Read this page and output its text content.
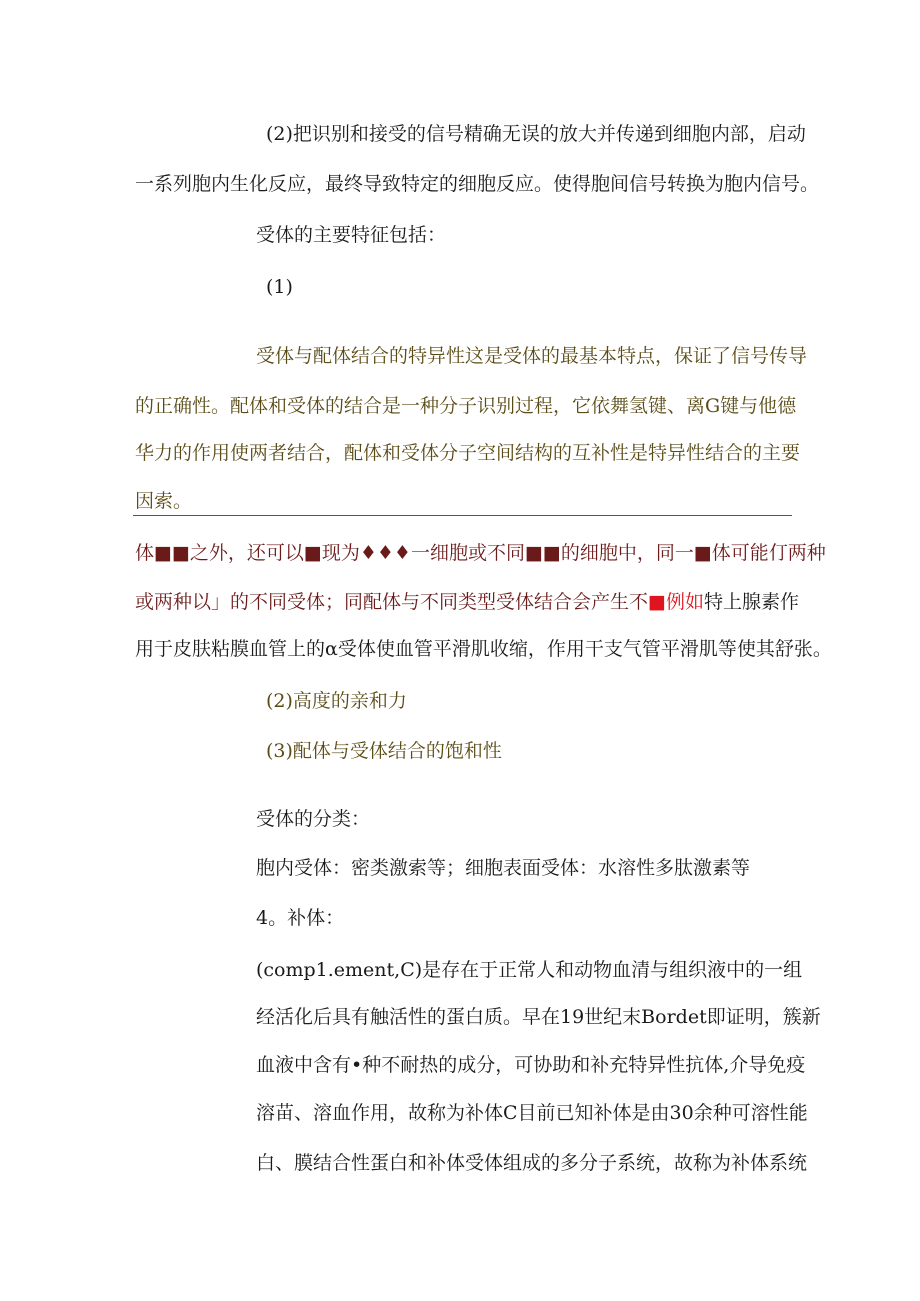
(2)把识别和接受的信号精确无误的放大并传递到细胞内部，启动
一系列胞内生化反应，最终导致特定的细胞反应。使得胞间信号转换为胞内信号。
受体的主要特征包括：
(1)
受体与配体结合的特异性这是受体的最基本特点，保证了信号传导
的正确性。配体和受体的结合是一种分子识别过程，它依舞氢键、离G键与他德
华力的作用使两者结合，配体和受体分子空间结构的互补性是特异性结合的主要
因索。
体■■之外，还可以■现为♦♦♦一细胞或不同■■的细胞中，同一■体可能仃两种
或两种以」的不同受体；同配体与不同类型受体结合会产生不■例如特上腺素作
用于皮肤粘膜血管上的α受体使血管平滑肌收缩，作用干支气管平滑肌等使其舒张。
(2)高度的亲和力
(3)配体与受体结合的饱和性
受体的分类：
胞内受体：密类激索等；细胞表面受体：水溶性多肽激素等
4。补体：
(comp1.ement,C)是存在于正常人和动物血清与组织液中的一组
经活化后具有触活性的蛋白质。早在19世纪末Bordet即证明，簇新
血液中含有•种不耐热的成分，可协助和补充特异性抗体,介导免疫
溶苗、溶血作用，故称为补体C目前已知补体是由30余种可溶性能
白、膜结合性蛋白和补体受体组成的多分子系统，故称为补体系统
